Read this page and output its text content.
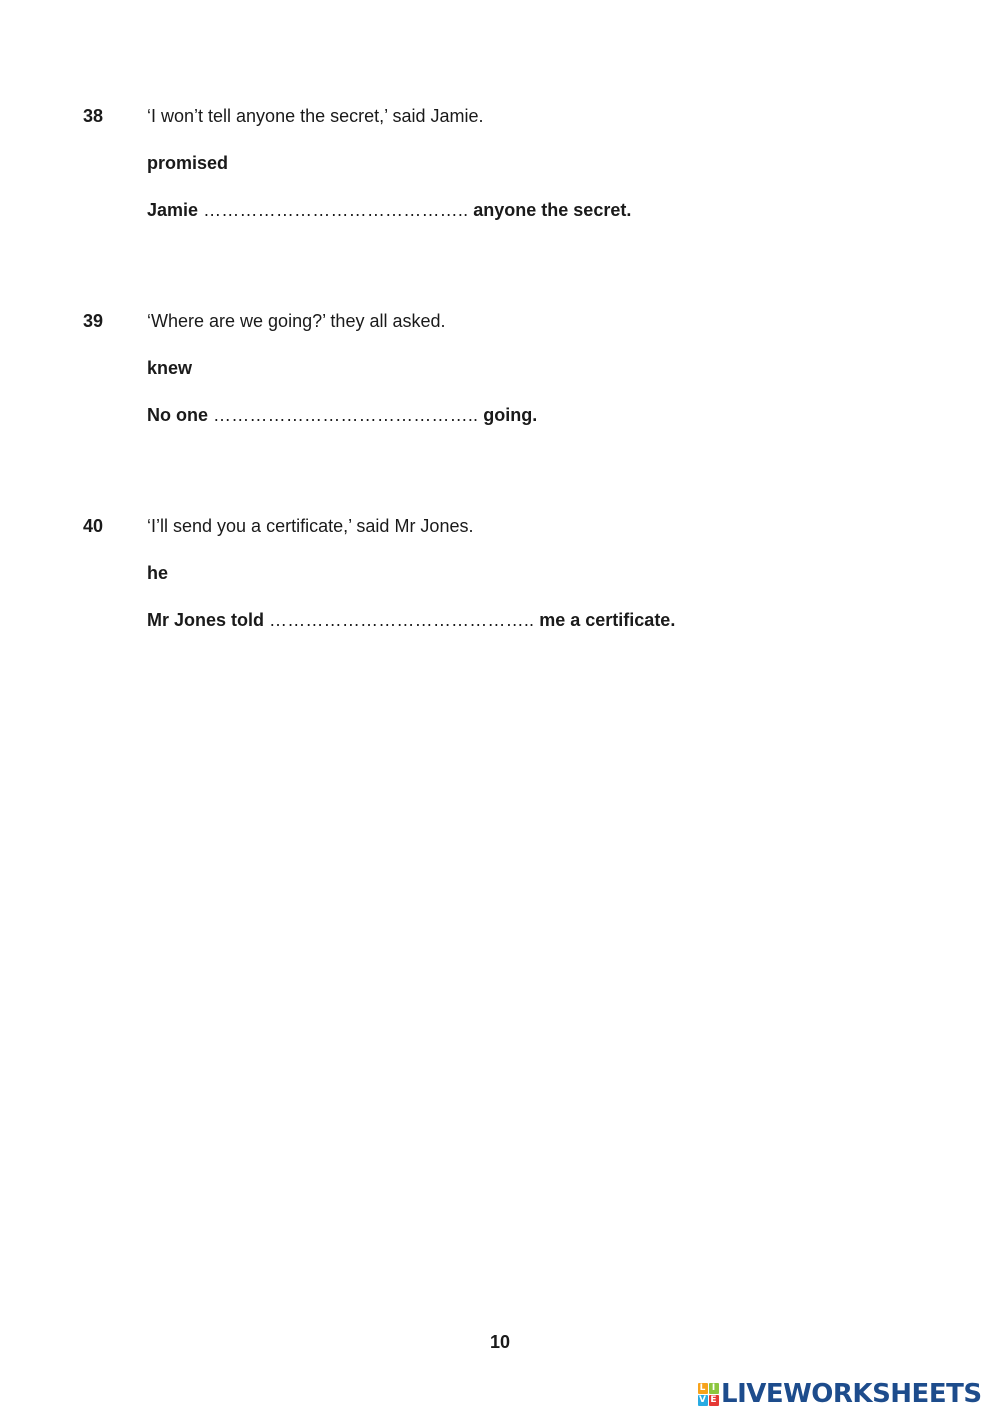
38 ‘I won’t tell anyone the secret,’ said Jamie.
promised
Jamie …………………………………….. anyone the secret.
39 ‘Where are we going?’ they all asked.
knew
No one …………………………………….. going.
40 ‘I’ll send you a certificate,’ said Mr Jones.
he
Mr Jones told …………………………………….. me a certificate.
10
L I
V E LIVEWORKSHEETS
